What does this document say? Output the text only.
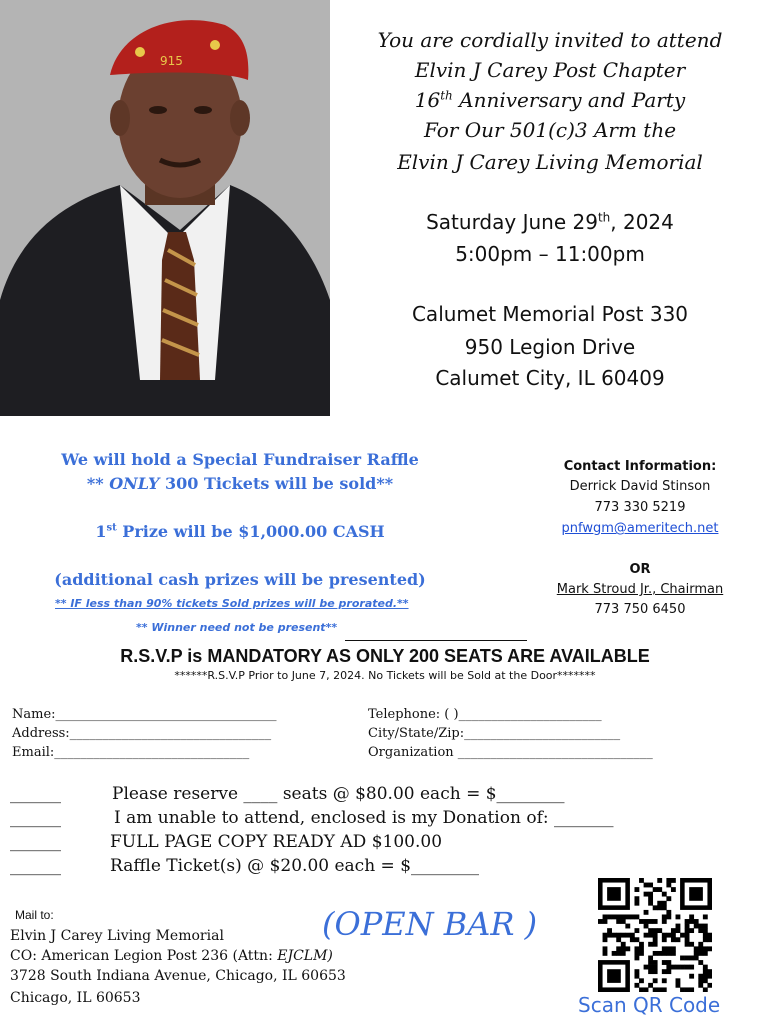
915
You are cordially invited to attend
Elvin J Carey Post Chapter
16th Anniversary and Party
For Our 501(c)3 Arm the
Elvin J Carey Living Memorial
Saturday June 29th, 2024
5:00pm – 11:00pm
Calumet Memorial Post 330
950 Legion Drive
Calumet City, IL 60409
We will hold a Special Fundraiser Raffle
** ONLY 300 Tickets will be sold**
1st Prize will be $1,000.00 CASH
(additional cash prizes will be presented)
** IF less than 90% tickets Sold prizes will be prorated.**
** Winner need not be present**
Contact Information:
Derrick David Stinson
773 330 5219
pnfwgm@ameritech.net
OR
Mark Stroud Jr., Chairman
773 750 6450
R.S.V.P is MANDATORY AS ONLY 200 SEATS ARE AVAILABLE
******R.S.V.P Prior to June 7, 2024. No Tickets will be Sold at the Door*******
Name:__________________________________
Address:_______________________________
Email:______________________________
Telephone: ( )______________________
City/State/Zip:________________________
Organization ______________________________
______	Please reserve ____ seats @ $80.00 each = $________
______	I am unable to attend, enclosed is my Donation of: _______
______	FULL PAGE COPY READY AD $100.00
______	Raffle Ticket(s) @ $20.00 each = $________
Mail to:
Elvin J Carey Living Memorial
CO: American Legion Post 236 (Attn: EJCLM)
3728 South Indiana Avenue, Chicago, IL 60653
Chicago, IL 60653
(OPEN BAR )
Scan QR Code
